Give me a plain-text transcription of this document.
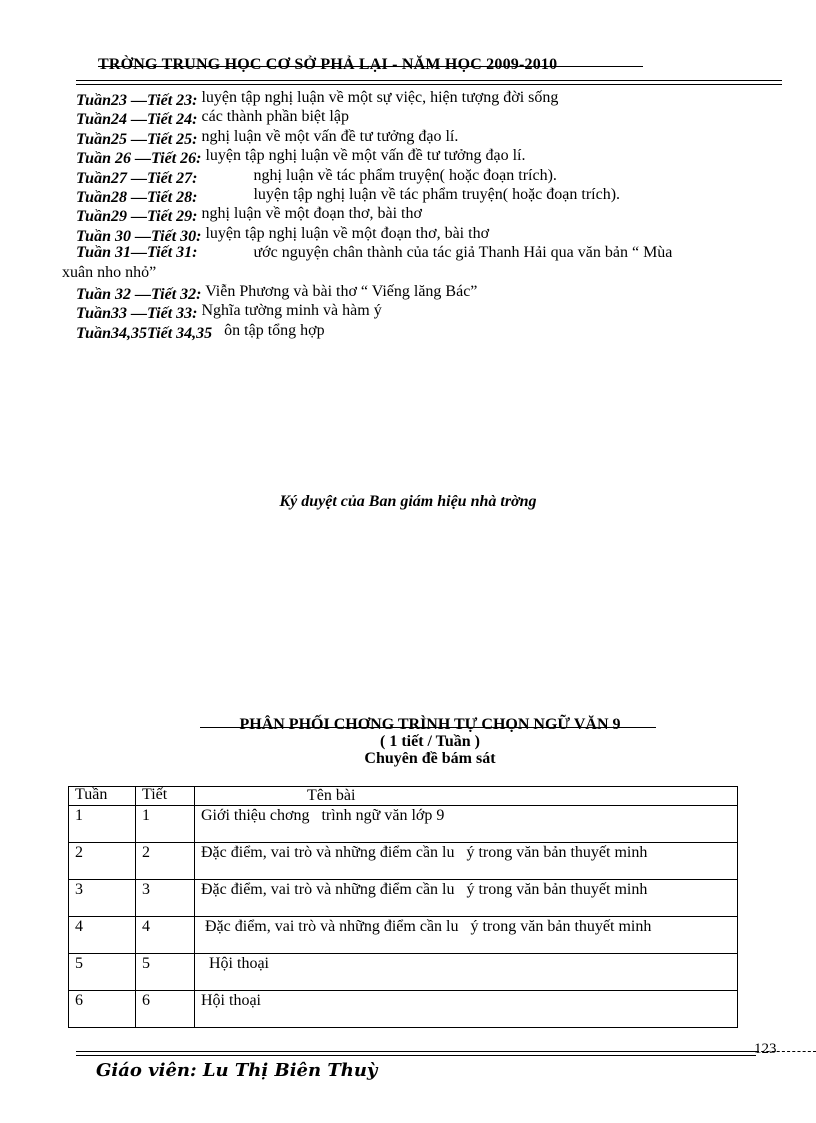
TRỜNG TRUNG HỌC CƠ SỞ PHẢ LẠI - NĂM HỌC 2009-2010
Tuần23 —Tiết 23: luyện tập nghị luận về một sự việc, hiện tượng đời sống
Tuần24 —Tiết 24: các thành phần biệt lập
Tuần25 —Tiết 25: nghị luận về một vấn đề tư tưởng đạo lí.
Tuần 26 —Tiết 26: luyện tập nghị luận về một vấn đề tư tưởng đạo lí.
Tuần27 —Tiết 27:              nghị luận về tác phẩm truyện( hoặc đoạn trích).
Tuần28 —Tiết 28:              luyện tập nghị luận về tác phẩm truyện( hoặc đoạn trích).
Tuần29 —Tiết 29: nghị luận về một đoạn thơ, bài thơ
Tuần 30 —Tiết 30: luyện tập nghị luận về một đoạn thơ, bài thơ
Tuần 31—Tiết 31:              ước nguyện chân thành của tác giả Thanh Hải qua văn bản “ Mùa
xuân nho nhỏ”
Tuần 32 —Tiết 32: Viễn Phương và bài thơ “ Viếng lăng Bác”
Tuần33 —Tiết 33: Nghĩa tường minh và hàm ý
Tuần34,35Tiết 34,35   ôn tập tổng hợp
Ký duyệt của Ban giám hiệu nhà trờng
PHÂN PHỐI CHƠNG TRÌNH TỰ CHỌN NGỮ VĂN 9
( 1 tiết / Tuần )
Chuyên đề bám sát
Tuần	Tiết	Tên bài
1	1	Giới thiệu chơng   trình ngữ văn lớp 9
2	2	Đặc điểm, vai trò và những điểm cần lu   ý trong văn bản thuyết minh
3	3	Đặc điểm, vai trò và những điểm cần lu   ý trong văn bản thuyết minh
4	4	Đặc điểm, vai trò và những điểm cần lu   ý trong văn bản thuyết minh
5	5	Hội thoại
6	6	Hội thoại
123
Giáo viên: Lu Thị Biên Thuỳ
